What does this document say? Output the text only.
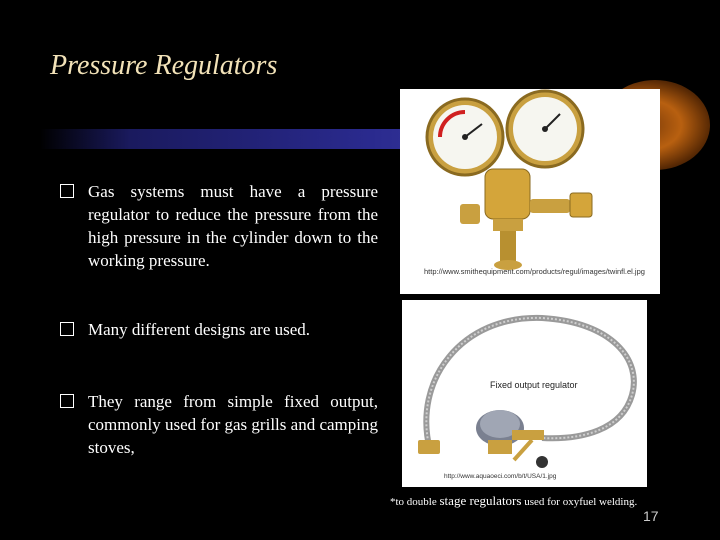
Pressure Regulators
Gas systems must have a pressure regulator to reduce the pressure from the high pressure in the cylinder down to the working pressure.
Many different designs are used.
They range from simple fixed output, commonly used for gas grills and camping stoves,
http://www.smithequipment.com/products/regul/images/twinfl.el.jpg
Fixed output regulator
http://www.aquaoeci.com/b/t/USA/1.jpg
*to double stage regulators used for oxyfuel welding.
17
